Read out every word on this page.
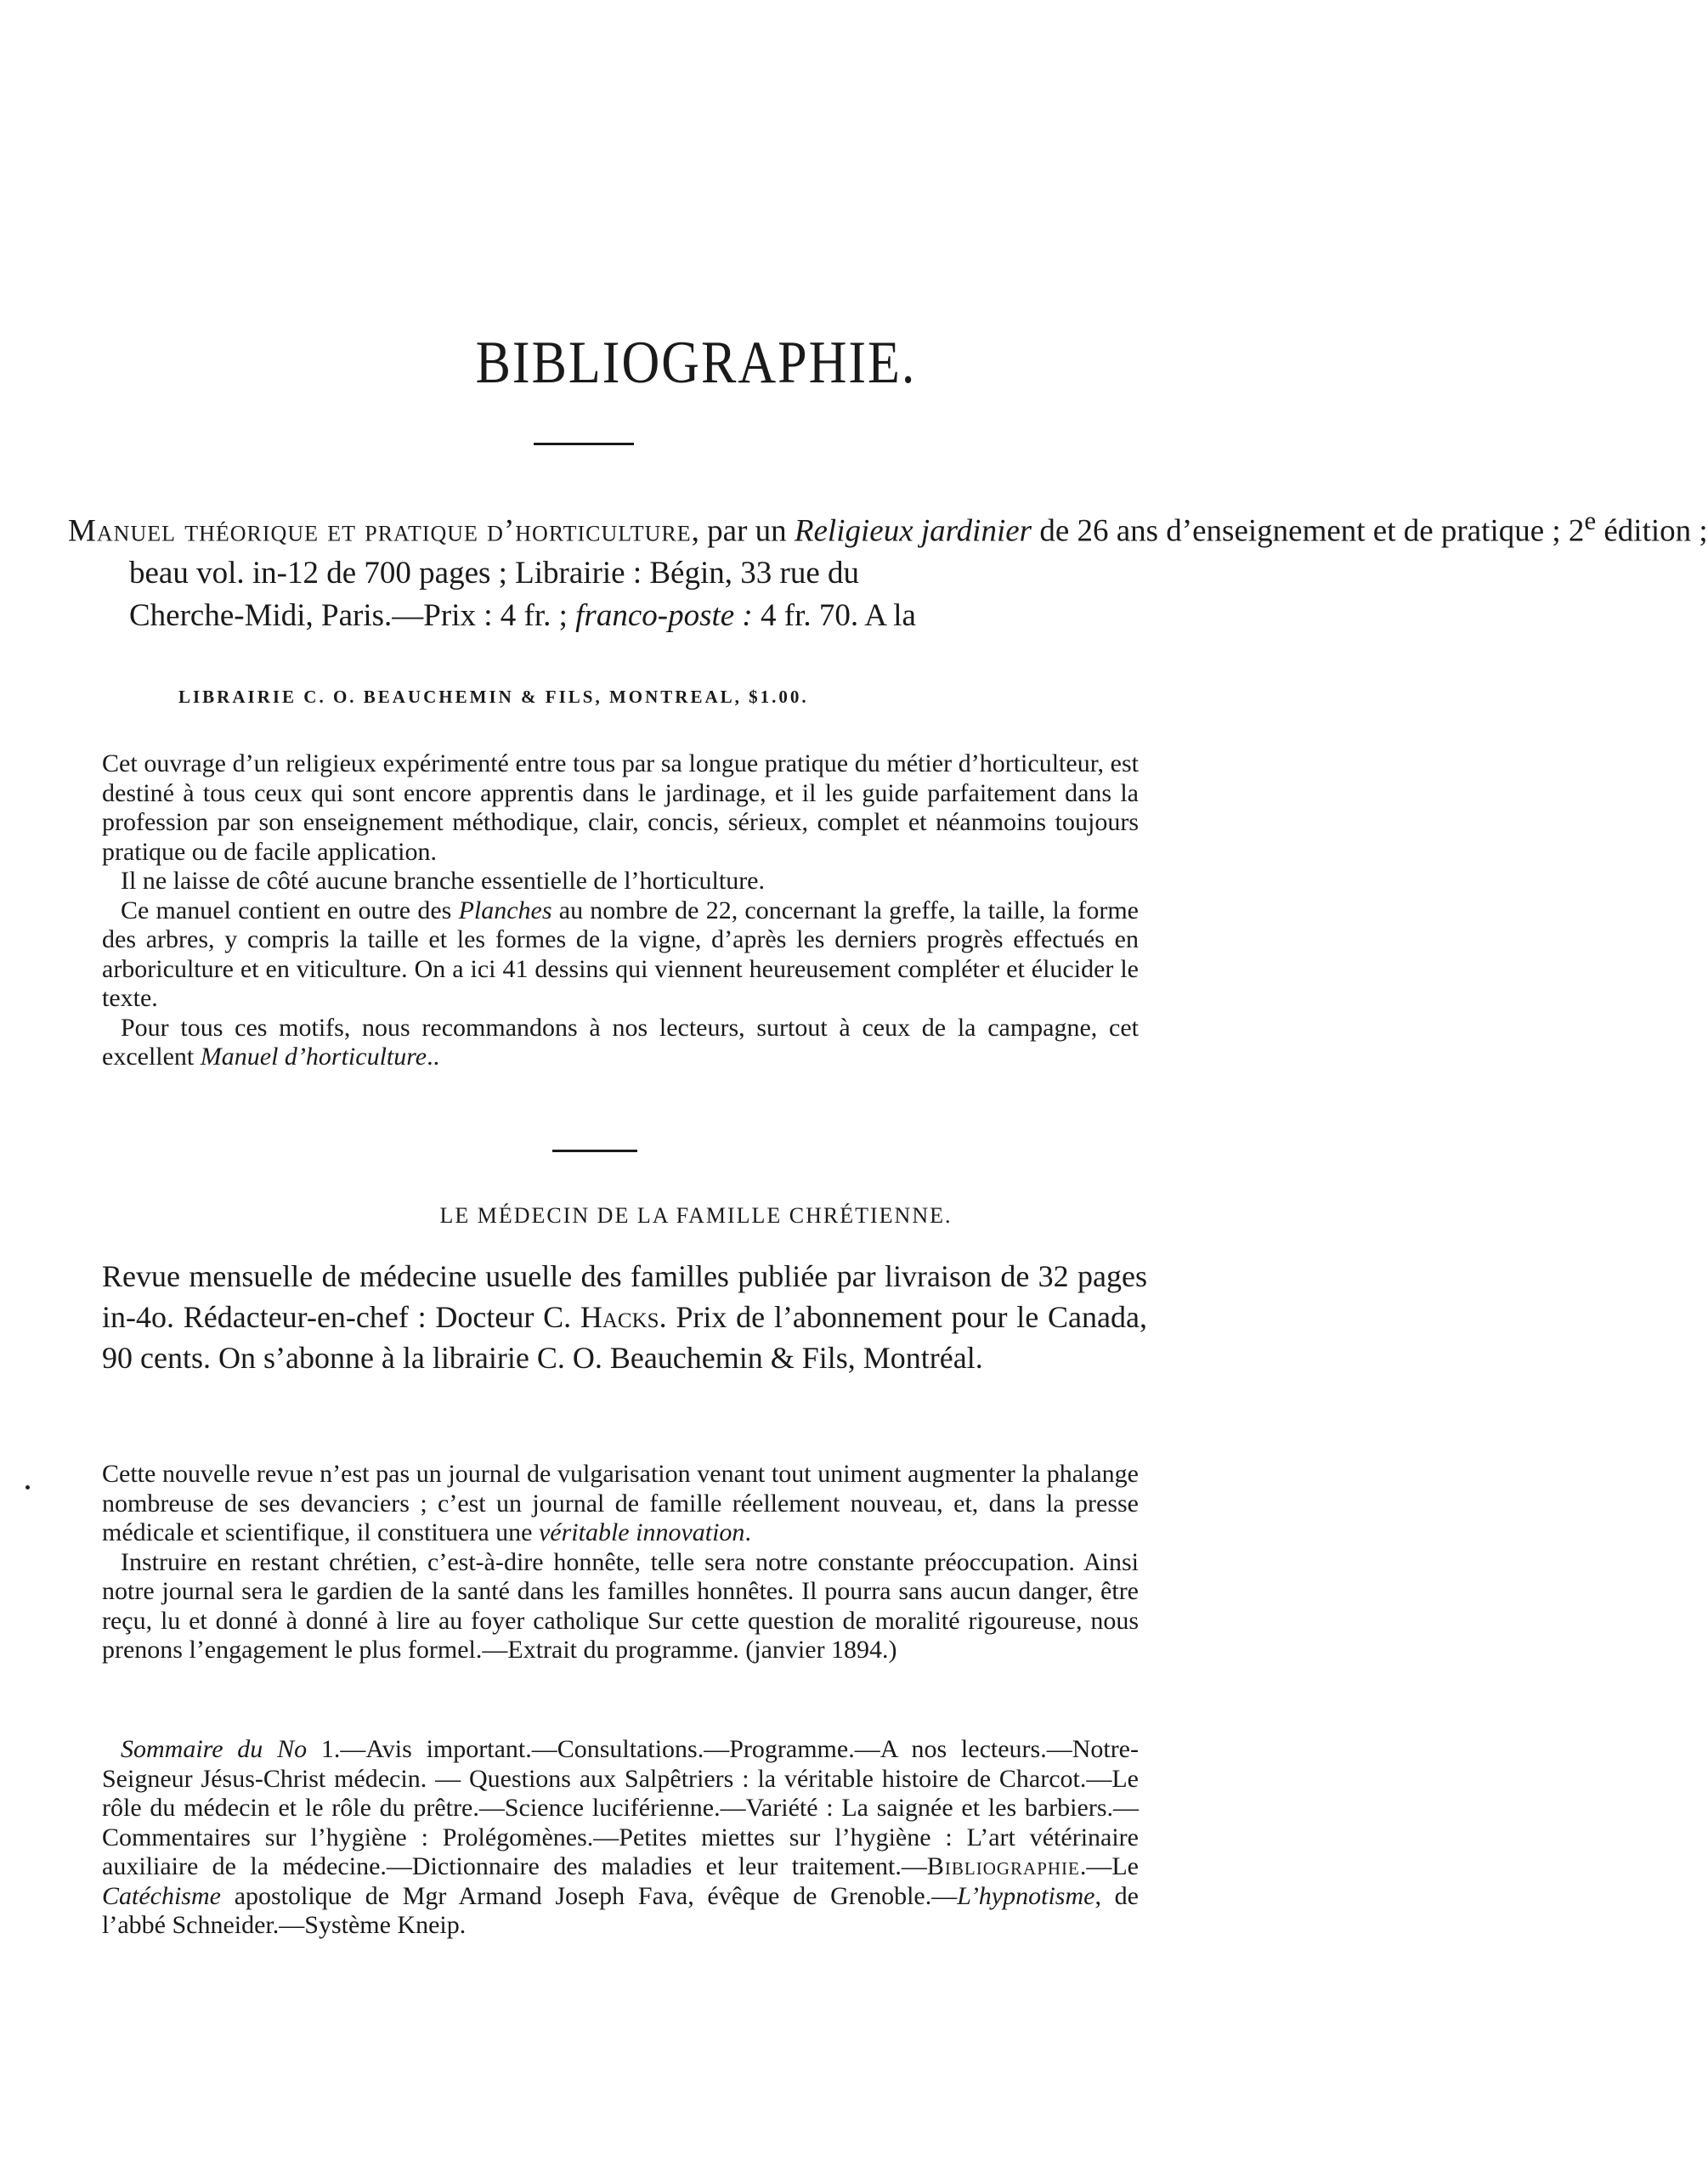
BIBLIOGRAPHIE.
Manuel théorique et pratique d’horticulture, par un Religieux jardinier de 26 ans d’enseignement et de pratique ; 2e édition ;
beau vol. in-12 de 700 pages ; Librairie : Bégin, 33 rue du
Cherche-Midi, Paris.—Prix : 4 fr. ; franco-poste : 4 fr. 70. A la
LIBRAIRIE C. O. BEAUCHEMIN & FILS, MONTREAL, $1.00.

Cet ouvrage d’un religieux expérimenté entre tous par sa longue pratique du métier d’horticulteur, est destiné à tous ceux qui sont encore apprentis dans le jardinage, et il les guide parfaitement dans la profession par son enseignement méthodique, clair, concis, sérieux, complet et néanmoins toujours pratique ou de facile application.

Il ne laisse de côté aucune branche essentielle de l’horticulture.

Ce manuel contient en outre des Planches au nombre de 22, concernant la greffe, la taille, la forme des arbres, y compris la taille et les formes de la vigne, d’après les derniers progrès effectués en arboriculture et en viticulture. On a ici 41 dessins qui viennent heureusement compléter et élucider le texte.

Pour tous ces motifs, nous recommandons à nos lecteurs, surtout à ceux de la campagne, cet excellent Manuel d’horticulture..

LE MÉDECIN DE LA FAMILLE CHRÉTIENNE.

Revue mensuelle de médecine usuelle des familles publiée par livraison de 32 pages in-4o. Rédacteur-en-chef : Docteur C. Hacks. Prix de l’abonnement pour le Canada, 90 cents. On s’abonne à la librairie C. O. Beauchemin & Fils, Montréal.

Cette nouvelle revue n’est pas un journal de vulgarisation venant tout uniment augmenter la phalange nombreuse de ses devanciers ; c’est un journal de famille réellement nouveau, et, dans la presse médicale et scientifique, il constituera une véritable innovation.

Instruire en restant chrétien, c’est-à-dire honnête, telle sera notre constante préoccupation. Ainsi notre journal sera le gardien de la santé dans les familles honnêtes. Il pourra sans aucun danger, être reçu, lu et donné à donné à lire au foyer catholique Sur cette question de moralité rigoureuse, nous prenons l’engagement le plus formel.—Extrait du programme. (janvier 1894.)

Sommaire du No 1.—Avis important.—Consultations.—Programme.—A nos lecteurs.—Notre-Seigneur Jésus-Christ médecin. — Questions aux Salpêtriers : la véritable histoire de Charcot.—Le rôle du médecin et le rôle du prêtre.—Science luciférienne.—Variété : La saignée et les barbiers.—Commentaires sur l’hygiène : Prolégomènes.—Petites miettes sur l’hygiène : L’art vétérinaire auxiliaire de la médecine.—Dictionnaire des maladies et leur traitement.—Bibliographie.—Le Catéchisme apostolique de Mgr Armand Joseph Fava, évêque de Grenoble.—L’hypnotisme, de l’abbé Schneider.—Système Kneip.
